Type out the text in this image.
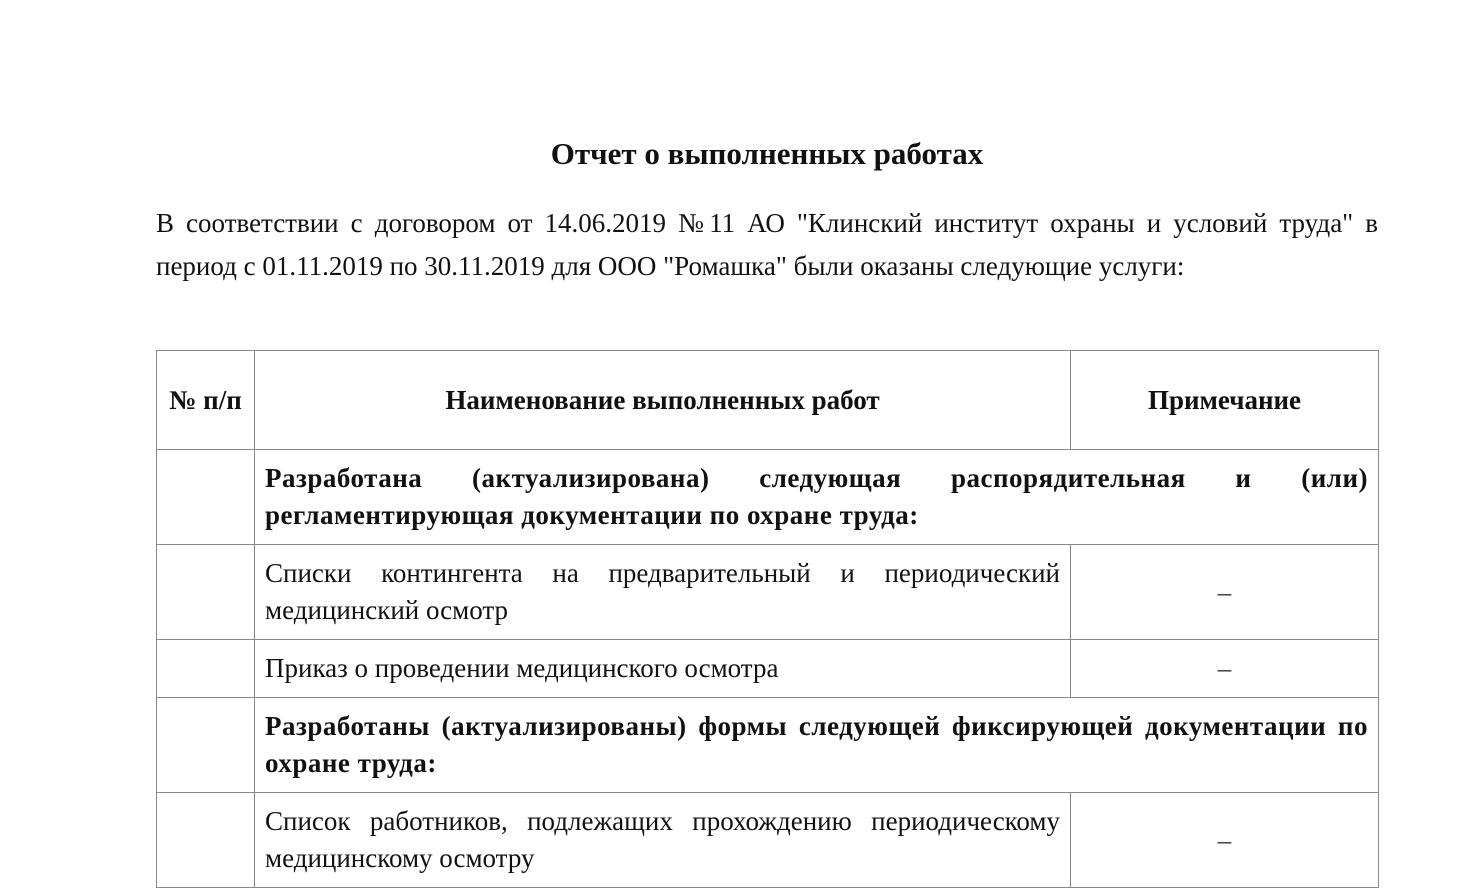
Отчет о выполненных работах

В соответствии с договором от 14.06.2019 №11 АО "Клинский институт охраны и условий труда" в период с 01.11.2019 по 30.11.2019 для ООО "Ромашка" были оказаны следующие услуги:

№ п/п	Наименование выполненных работ	Примечание
	Разработана (актуализирована) следующая распорядительная и (или) регламентирующая документации по охране труда:	
	Списки контингента на предварительный и периодический медицинский осмотр	–
	Приказ о проведении медицинского осмотра	–
	Разработаны (актуализированы) формы следующей фиксирующей документации по охране труда:	
	Список работников, подлежащих прохождению периодическому медицинскому осмотру	–
